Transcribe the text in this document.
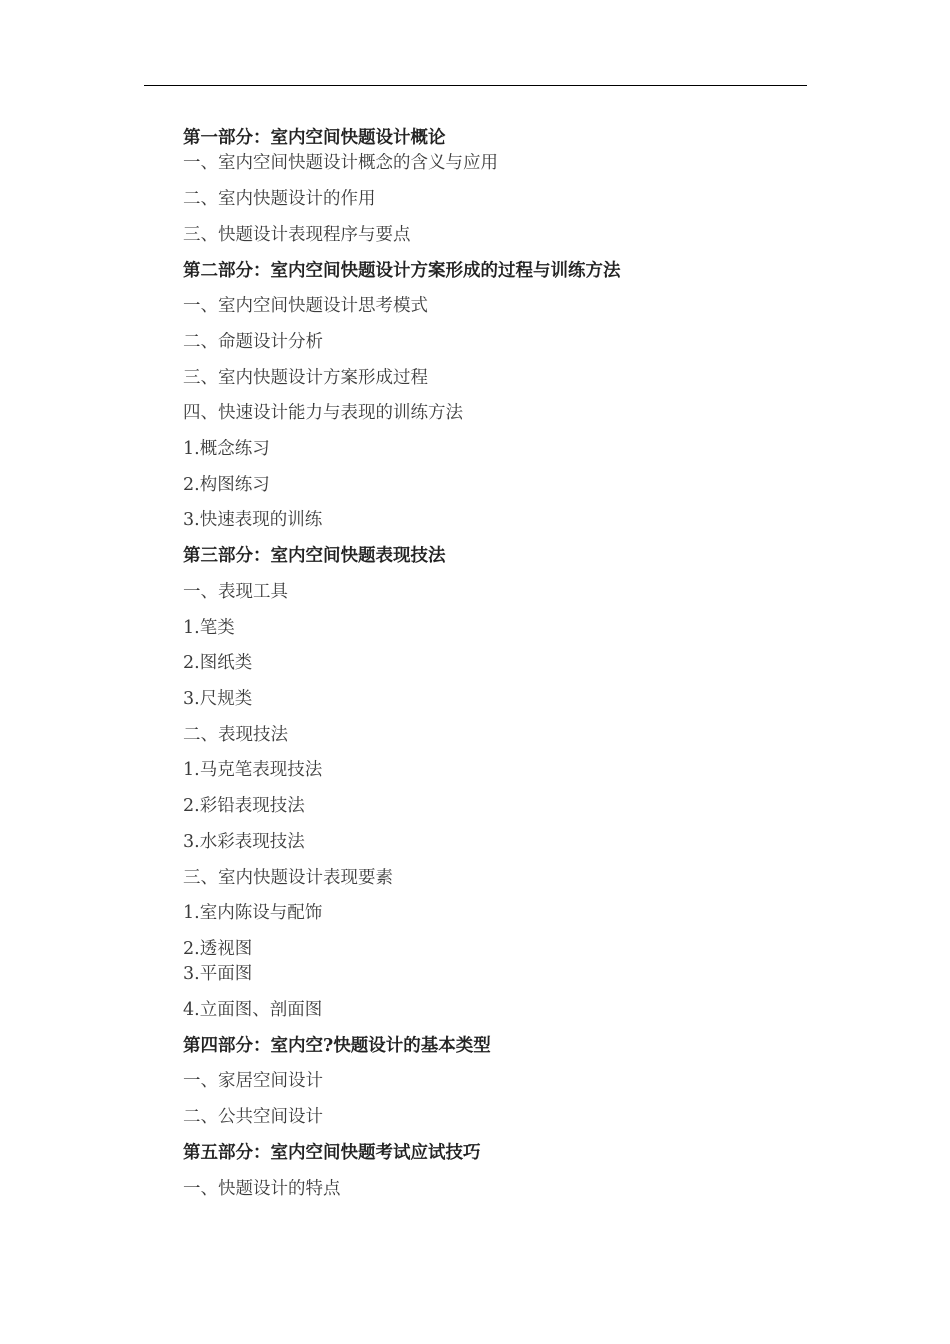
第一部分：室内空间快题设计概论
一、室内空间快题设计概念的含义与应用
二、室内快题设计的作用
三、快题设计表现程序与要点
第二部分：室内空间快题设计方案形成的过程与训练方法
一、室内空间快题设计思考模式
二、命题设计分析
三、室内快题设计方案形成过程
四、快速设计能力与表现的训练方法
1.概念练习
2.构图练习
3.快速表现的训练
第三部分：室内空间快题表现技法
一、表现工具
1.笔类
2.图纸类
3.尺规类
二、表现技法
1.马克笔表现技法
2.彩铅表现技法
3.水彩表现技法
三、室内快题设计表现要素
1.室内陈设与配饰
2.透视图
3.平面图
4.立面图、剖面图
第四部分：室内空?快题设计的基本类型
一、家居空间设计
二、公共空间设计
第五部分：室内空间快题考试应试技巧
一、快题设计的特点
